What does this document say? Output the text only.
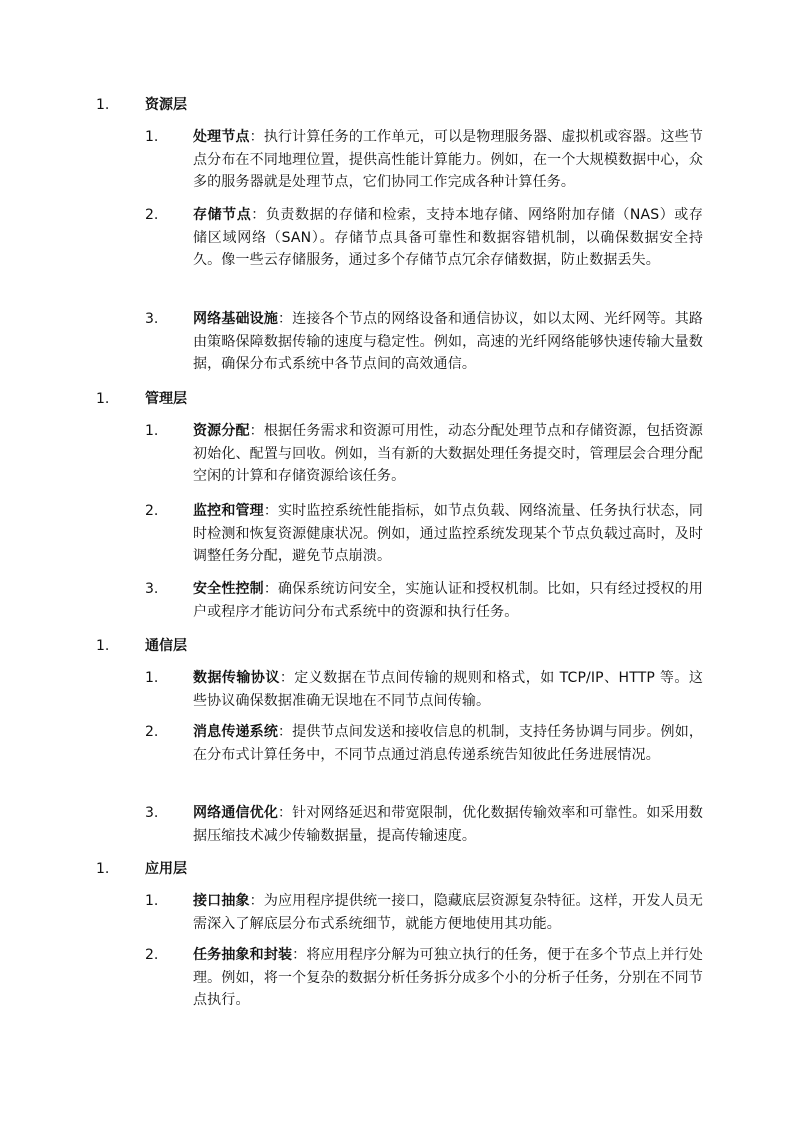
1.	资源层
1. 处理节点：执行计算任务的工作单元，可以是物理服务器、虚拟机或容器。这些节点分布在不同地理位置，提供高性能计算能力。例如，在一个大规模数据中心，众多的服务器就是处理节点，它们协同工作完成各种计算任务。
2. 存储节点：负责数据的存储和检索，支持本地存储、网络附加存储（NAS）或存储区域网络（SAN）。存储节点具备可靠性和数据容错机制，以确保数据安全持久。像一些云存储服务，通过多个存储节点冗余存储数据，防止数据丢失。
3. 网络基础设施：连接各个节点的网络设备和通信协议，如以太网、光纤网等。其路由策略保障数据传输的速度与稳定性。例如，高速的光纤网络能够快速传输大量数据，确保分布式系统中各节点间的高效通信。
1.	管理层
1. 资源分配：根据任务需求和资源可用性，动态分配处理节点和存储资源，包括资源初始化、配置与回收。例如，当有新的大数据处理任务提交时，管理层会合理分配空闲的计算和存储资源给该任务。
2. 监控和管理：实时监控系统性能指标，如节点负载、网络流量、任务执行状态，同时检测和恢复资源健康状况。例如，通过监控系统发现某个节点负载过高时，及时调整任务分配，避免节点崩溃。
3. 安全性控制：确保系统访问安全，实施认证和授权机制。比如，只有经过授权的用户或程序才能访问分布式系统中的资源和执行任务。
1.	通信层
1. 数据传输协议：定义数据在节点间传输的规则和格式，如 TCP/IP、HTTP 等。这些协议确保数据准确无误地在不同节点间传输。
2. 消息传递系统：提供节点间发送和接收信息的机制，支持任务协调与同步。例如，在分布式计算任务中，不同节点通过消息传递系统告知彼此任务进展情况。
3. 网络通信优化：针对网络延迟和带宽限制，优化数据传输效率和可靠性。如采用数据压缩技术减少传输数据量，提高传输速度。
1.	应用层
1. 接口抽象：为应用程序提供统一接口，隐藏底层资源复杂特征。这样，开发人员无需深入了解底层分布式系统细节，就能方便地使用其功能。
2. 任务抽象和封装：将应用程序分解为可独立执行的任务，便于在多个节点上并行处理。例如，将一个复杂的数据分析任务拆分成多个小的分析子任务，分别在不同节点执行。
